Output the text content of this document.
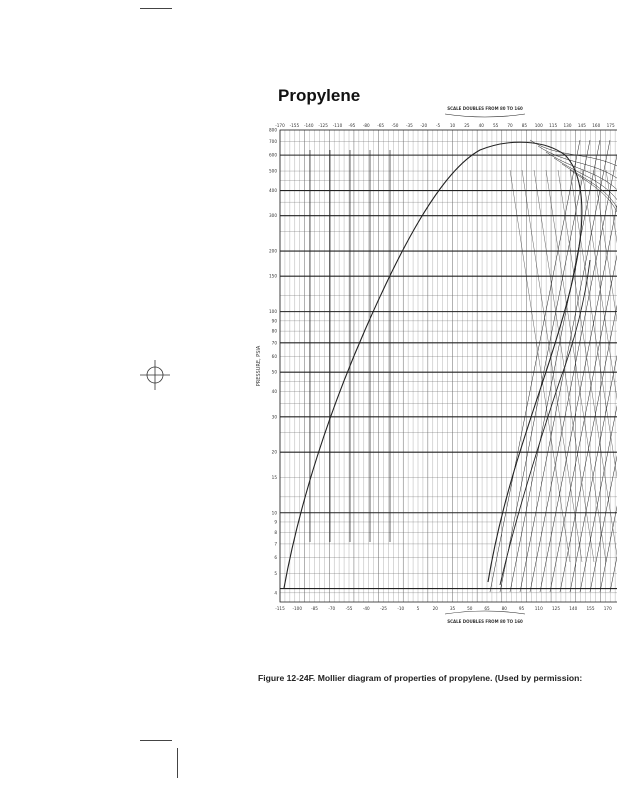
Propylene
-170 -155 -140 -125 -110 -95 -80 -65 -50 -35 -20 -5 10 25 40 55 70 85 100 115 130 145 160 175
-115 -100 -85 -70 -55 -40 -25 -10	5	20	35	50	65	80	95	110 125 140 155 170
800
700
600
500
400
300
200
150
100
90
80
70
60
50
40
30
20
15
10
9
8
7
6
5
4
PRESSURE, PSIA
SCALE DOUBLES FROM 80 TO 160
SCALE DOUBLES FROM 80 TO 160
Figure 12-24F. Mollier diagram of properties of propylene. (Used by permission:
